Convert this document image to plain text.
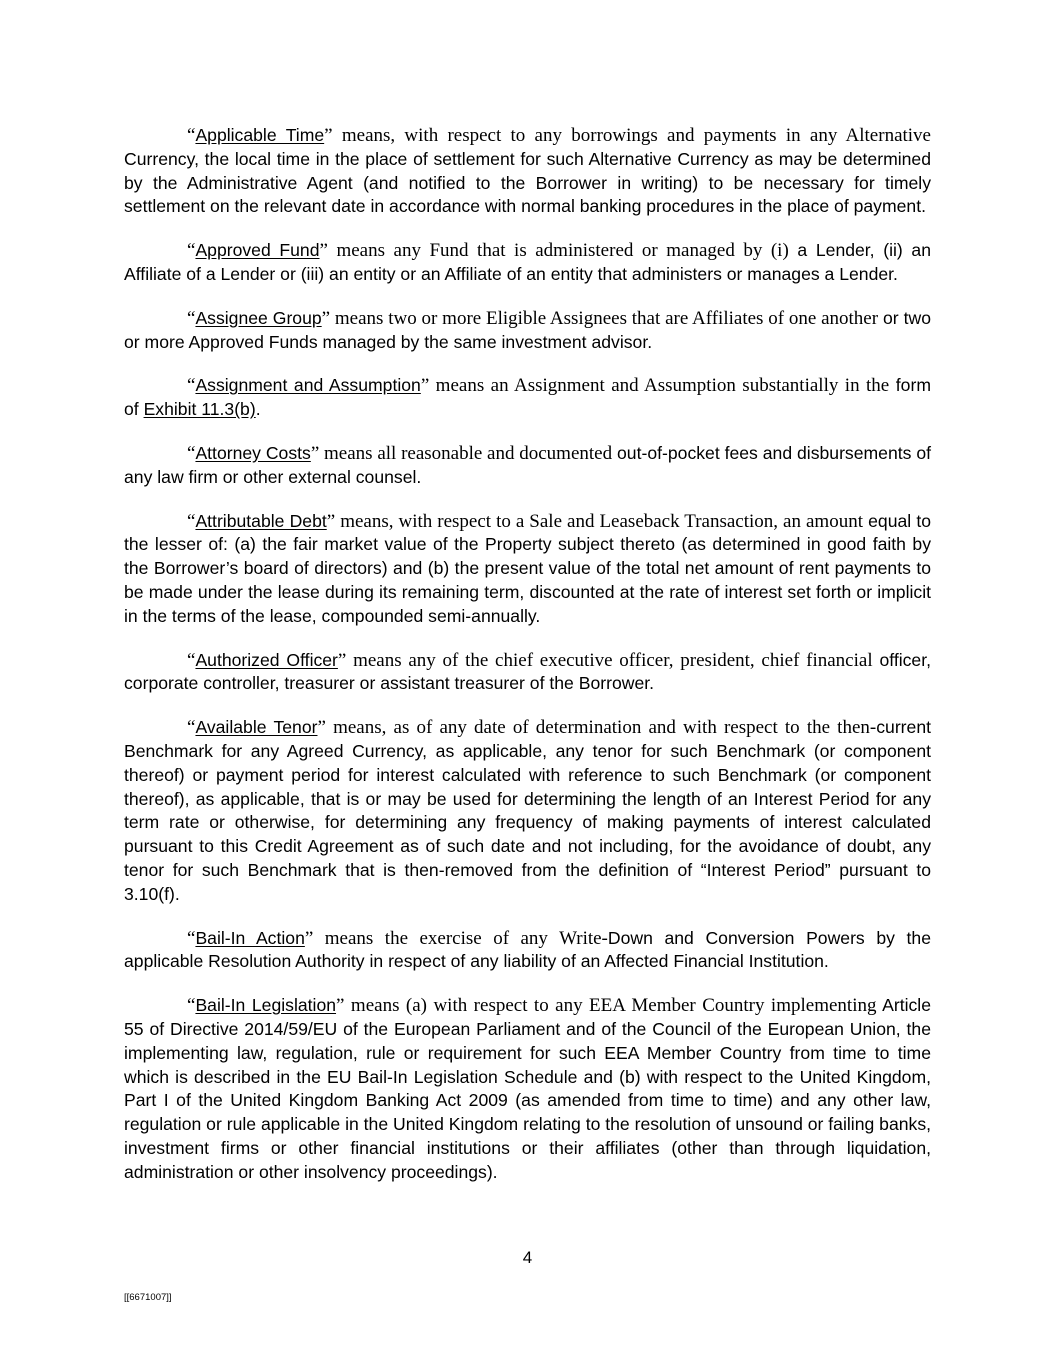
“Applicable Time” means, with respect to any borrowings and payments in any Alternative Currency, the local time in the place of settlement for such Alternative Currency as may be determined by the Administrative Agent (and notified to the Borrower in writing) to be necessary for timely settlement on the relevant date in accordance with normal banking procedures in the place of payment.

“Approved Fund” means any Fund that is administered or managed by (i) a Lender, (ii) an Affiliate of a Lender or (iii) an entity or an Affiliate of an entity that administers or manages a Lender.

“Assignee Group” means two or more Eligible Assignees that are Affiliates of one another or two or more Approved Funds managed by the same investment advisor.

“Assignment and Assumption” means an Assignment and Assumption substantially in the form of Exhibit 11.3(b).

“Attorney Costs” means all reasonable and documented out-of-pocket fees and disbursements of any law firm or other external counsel.

“Attributable Debt” means, with respect to a Sale and Leaseback Transaction, an amount equal to the lesser of: (a) the fair market value of the Property subject thereto (as determined in good faith by the Borrower’s board of directors) and (b) the present value of the total net amount of rent payments to be made under the lease during its remaining term, discounted at the rate of interest set forth or implicit in the terms of the lease, compounded semi-annually.

“Authorized Officer” means any of the chief executive officer, president, chief financial officer, corporate controller, treasurer or assistant treasurer of the Borrower.

“Available Tenor” means, as of any date of determination and with respect to the then-current Benchmark for any Agreed Currency, as applicable, any tenor for such Benchmark (or component thereof) or payment period for interest calculated with reference to such Benchmark (or component thereof), as applicable, that is or may be used for determining the length of an Interest Period for any term rate or otherwise, for determining any frequency of making payments of interest calculated pursuant to this Credit Agreement as of such date and not including, for the avoidance of doubt, any tenor for such Benchmark that is then-removed from the definition of “Interest Period” pursuant to 3.10(f).

“Bail-In Action” means the exercise of any Write-Down and Conversion Powers by the applicable Resolution Authority in respect of any liability of an Affected Financial Institution.

“Bail-In Legislation” means (a) with respect to any EEA Member Country implementing Article 55 of Directive 2014/59/EU of the European Parliament and of the Council of the European Union, the implementing law, regulation, rule or requirement for such EEA Member Country from time to time which is described in the EU Bail-In Legislation Schedule and (b) with respect to the United Kingdom, Part I of the United Kingdom Banking Act 2009 (as amended from time to time) and any other law, regulation or rule applicable in the United Kingdom relating to the resolution of unsound or failing banks, investment firms or other financial institutions or their affiliates (other than through liquidation, administration or other insolvency proceedings).

4
[[6671007]]
